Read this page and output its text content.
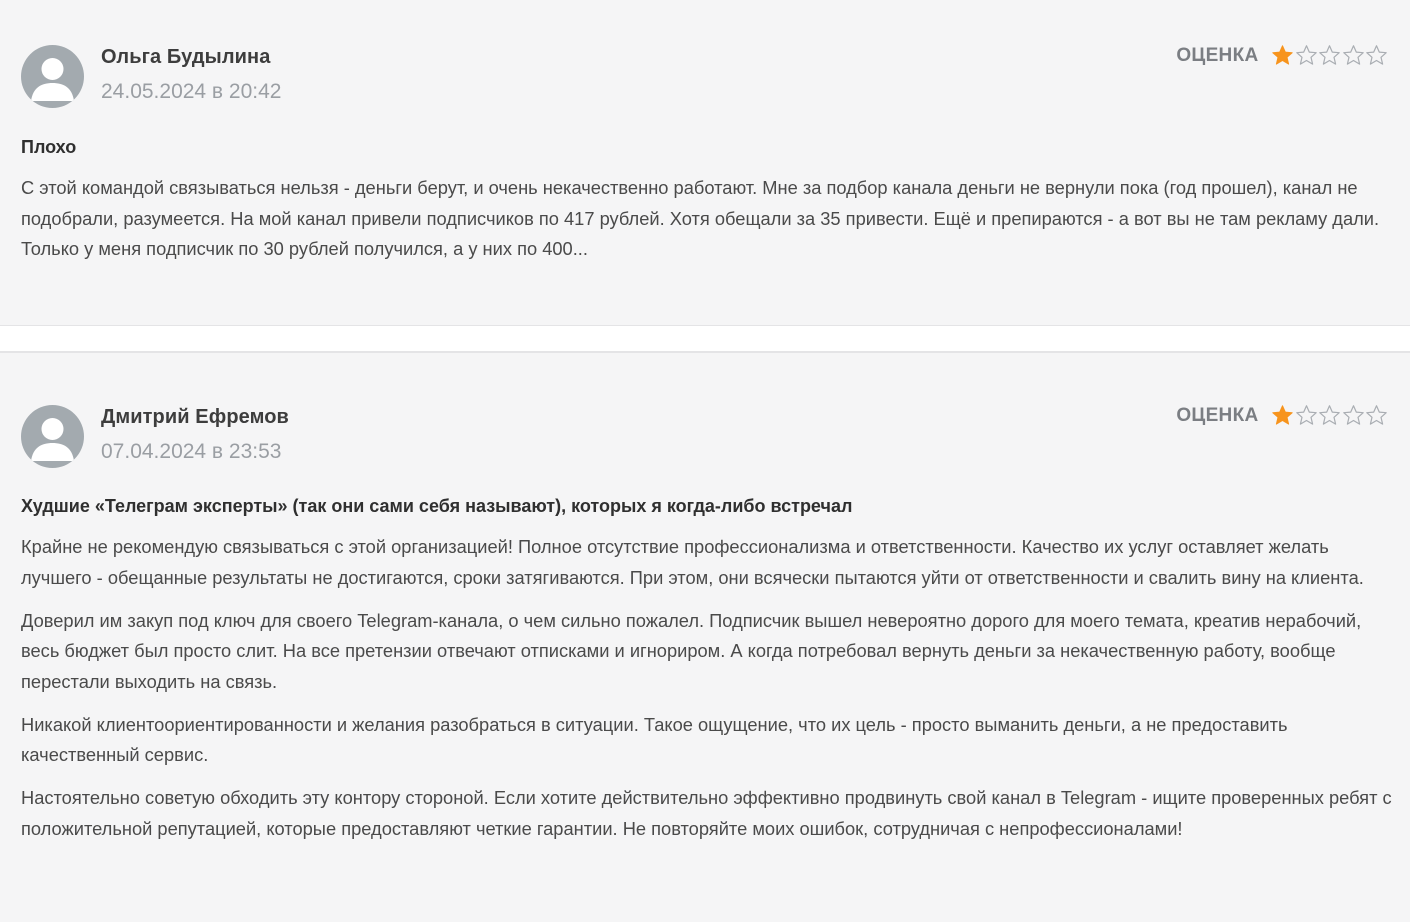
Ольга Будылина
24.05.2024 в 20:42
ОЦЕНКА
Плохо

С этой командой связываться нельзя - деньги берут, и очень некачественно работают. Мне за подбор канала деньги не вернули пока (год прошел), канал не подобрали, разумеется. На мой канал привели подписчиков по 417 рублей. Хотя обещали за 35 привести. Ещё и препираются - а вот вы не там рекламу дали. Только у меня подписчик по 30 рублей получился, а у них по 400...

Дмитрий Ефремов
07.04.2024 в 23:53
ОЦЕНКА
Худшие «Телеграм эксперты» (так они сами себя называют), которых я когда-либо встречал

Крайне не рекомендую связываться с этой организацией! Полное отсутствие профессионализма и ответственности. Качество их услуг оставляет желать лучшего - обещанные результаты не достигаются, сроки затягиваются. При этом, они всячески пытаются уйти от ответственности и свалить вину на клиента.

Доверил им закуп под ключ для своего Telegram-канала, о чем сильно пожалел. Подписчик вышел невероятно дорого для моего темата, креатив нерабочий, весь бюджет был просто слит. На все претензии отвечают отписками и игнориром. А когда потребовал вернуть деньги за некачественную работу, вообще перестали выходить на связь.

Никакой клиентоориентированности и желания разобраться в ситуации. Такое ощущение, что их цель - просто выманить деньги, а не предоставить качественный сервис.

Настоятельно советую обходить эту контору стороной. Если хотите действительно эффективно продвинуть свой канал в Telegram - ищите проверенных ребят с положительной репутацией, которые предоставляют четкие гарантии. Не повторяйте моих ошибок, сотрудничая с непрофессионалами!
